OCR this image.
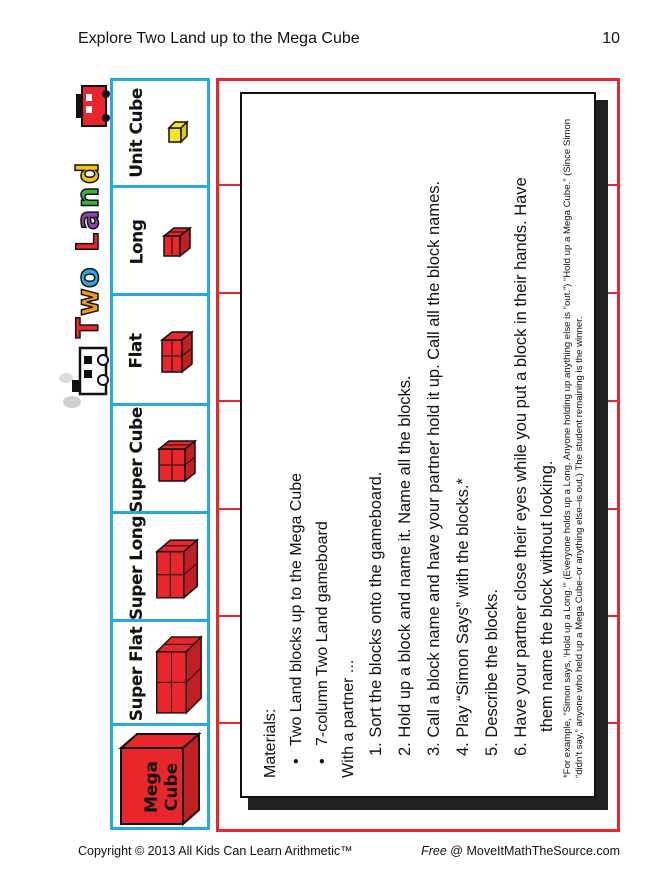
Explore Two Land up to the Mega Cube	10
T
w
o
L
a
n
d Unit Cube
Long
Flat
Super Cube
Super Long
Super Flat
Mega Cube
Materials: •Two Land blocks up to the Mega Cube
•7-column Two Land gameboard With a partner ... 1. Sort the blocks onto the gameboard.
2. Hold up a block and name it. Name all the blocks.
3. Call a block name and have your partner hold it up. Call all the block names.
4. Play “Simon Says” with the blocks.*
5. Describe the blocks.
6. Have your partner close their eyes while you put a block in their hands. Have them name the block without looking. *For example, “Simon says, ‘Hold up a Long.’” (Everyone holds up a Long. Anyone holding up anything else is “out.”) “Hold up a Mega Cube.” (Since Simon “didn’t say,” anyone who held up a Mega Cube–or anything else–is out.) The student remaining is the winner.
Copyright © 2013 All Kids Can Learn Arithmetic™	Free @ MoveItMathTheSource.com
